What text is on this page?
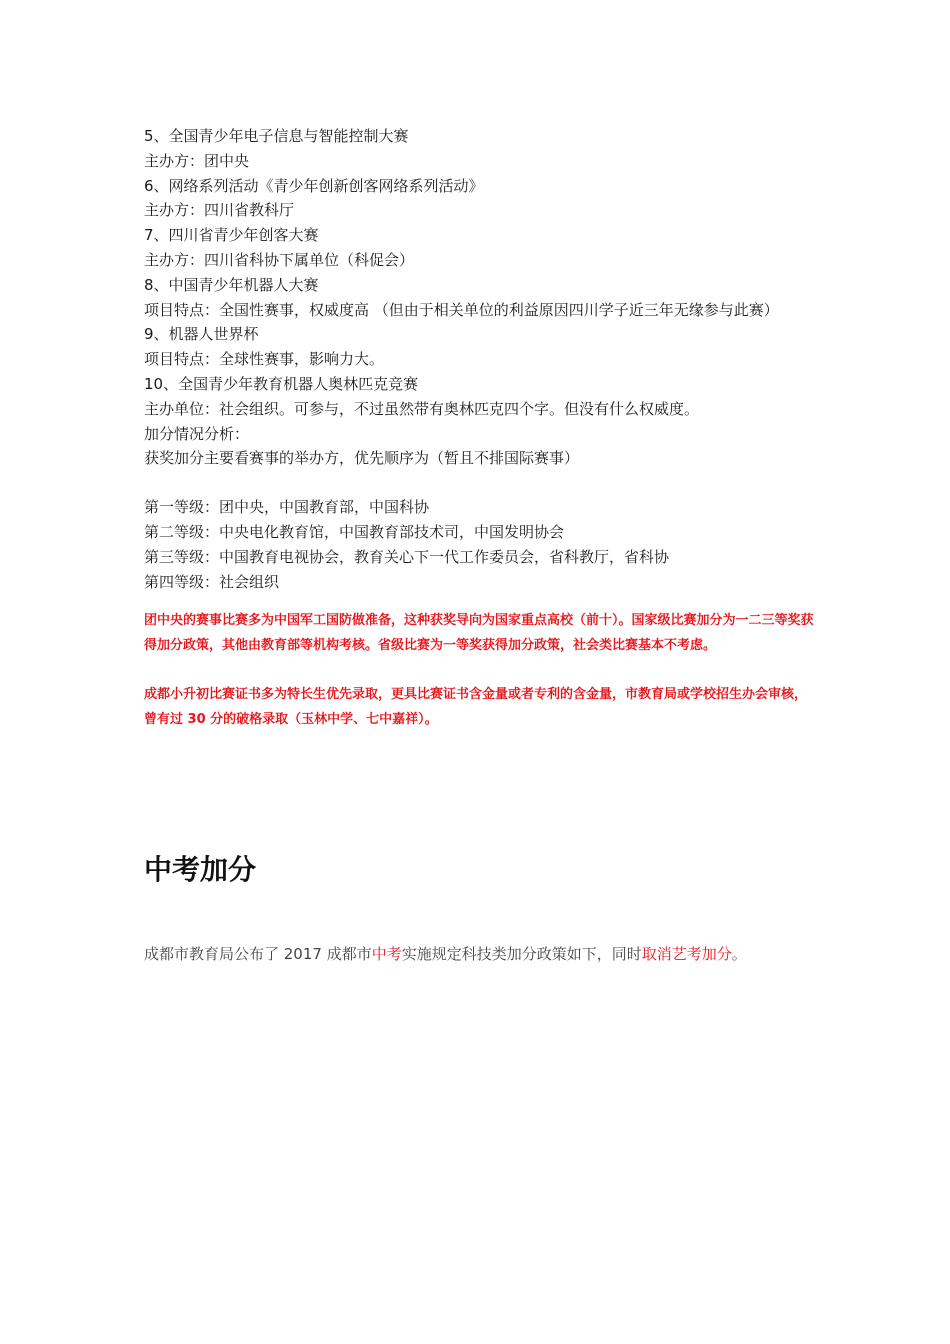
5、全国青少年电子信息与智能控制大赛

主办方：团中央

6、网络系列活动《青少年创新创客网络系列活动》

主办方：四川省教科厅

7、四川省青少年创客大赛

主办方：四川省科协下属单位（科促会）

8、中国青少年机器人大赛

项目特点：全国性赛事，权威度高 （但由于相关单位的利益原因四川学子近三年无缘参与此赛）

9、机器人世界杯

项目特点：全球性赛事，影响力大。

10、全国青少年教育机器人奥林匹克竞赛

主办单位：社会组织。可参与，不过虽然带有奥林匹克四个字。但没有什么权威度。

加分情况分析：

获奖加分主要看赛事的举办方，优先顺序为（暂且不排国际赛事）

第一等级：团中央，中国教育部，中国科协

第二等级：中央电化教育馆，中国教育部技术司，中国发明协会

第三等级：中国教育电视协会，教育关心下一代工作委员会，省科教厅，省科协

第四等级：社会组织

团中央的赛事比赛多为中国军工国防做准备，这种获奖导向为国家重点高校（前十）。国家级比赛加分为一二三等奖获得加分政策，其他由教育部等机构考核。省级比赛为一等奖获得加分政策，社会类比赛基本不考虑。

成都小升初比赛证书多为特长生优先录取，更具比赛证书含金量或者专利的含金量，市教育局或学校招生办会审核，曾有过 30 分的破格录取（玉林中学、七中嘉祥）。

中考加分

成都市教育局公布了 2017 成都市中考实施规定科技类加分政策如下，同时取消艺考加分。
